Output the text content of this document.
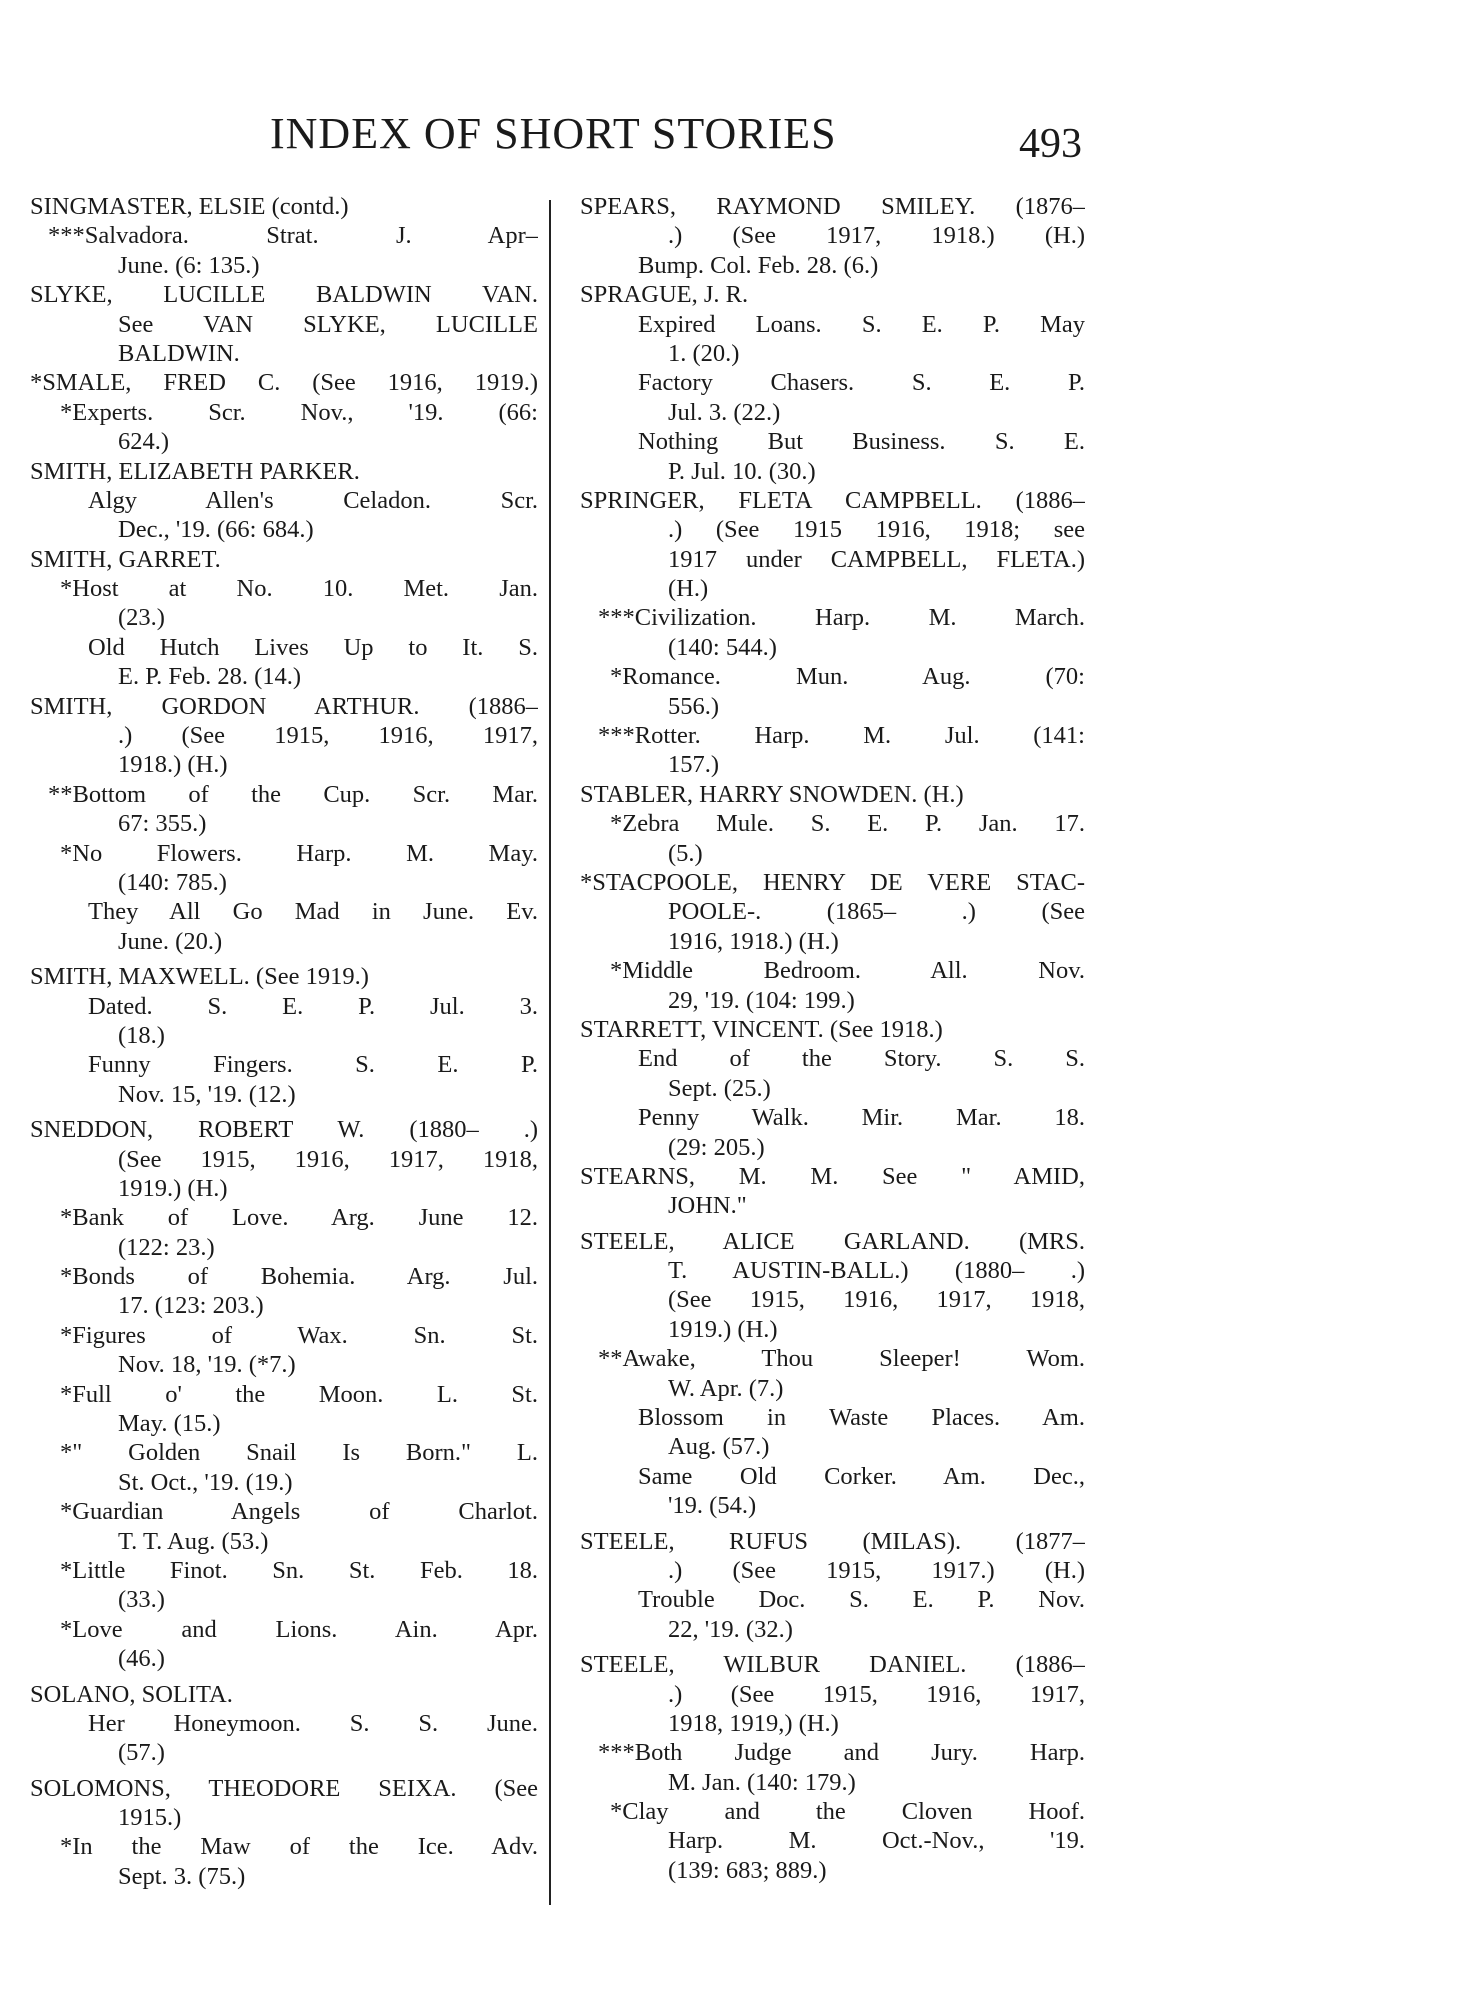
INDEX OF SHORT STORIES	493
SINGMASTER, ELSIE (contd.)
***Salvadora. Strat. J. Apr–
June. (6: 135.)
SLYKE, LUCILLE BALDWIN VAN.
See VAN SLYKE, LUCILLE
BALDWIN.
*SMALE, FRED C. (See 1916, 1919.)
*Experts. Scr. Nov., '19. (66:
624.)
SMITH, ELIZABETH PARKER.
Algy Allen's Celadon. Scr.
Dec., '19. (66: 684.)
SMITH, GARRET.
*Host at No. 10. Met. Jan.
(23.)
Old Hutch Lives Up to It. S.
E. P. Feb. 28. (14.)
SMITH, GORDON ARTHUR. (1886–
.) (See 1915, 1916, 1917,
1918.) (H.)
**Bottom of the Cup. Scr. Mar.
67: 355.)
*No Flowers. Harp. M. May.
(140: 785.)
They All Go Mad in June. Ev.
June. (20.)
SMITH, MAXWELL. (See 1919.)
Dated. S. E. P. Jul. 3.
(18.)
Funny Fingers. S. E. P.
Nov. 15, '19. (12.)
SNEDDON, ROBERT W. (1880– .)
(See 1915, 1916, 1917, 1918,
1919.) (H.)
*Bank of Love. Arg. June 12.
(122: 23.)
*Bonds of Bohemia. Arg. Jul.
17. (123: 203.)
*Figures of Wax. Sn. St.
Nov. 18, '19. (*7.)
*Full o' the Moon. L. St.
May. (15.)
*" Golden Snail Is Born." L.
St. Oct., '19. (19.)
*Guardian Angels of Charlot.
T. T. Aug. (53.)
*Little Finot. Sn. St. Feb. 18.
(33.)
*Love and Lions. Ain. Apr.
(46.)
SOLANO, SOLITA.
Her Honeymoon. S. S. June.
(57.)
SOLOMONS, THEODORE SEIXA. (See
1915.)
*In the Maw of the Ice. Adv.
Sept. 3. (75.)
SPEARS, RAYMOND SMILEY. (1876–
.) (See 1917, 1918.) (H.)
Bump. Col. Feb. 28. (6.)
SPRAGUE, J. R.
Expired Loans. S. E. P. May
1. (20.)
Factory Chasers. S. E. P.
Jul. 3. (22.)
Nothing But Business. S. E.
P. Jul. 10. (30.)
SPRINGER, FLETA CAMPBELL. (1886–
.) (See 1915 1916, 1918; see
1917 under CAMPBELL, FLETA.)
(H.)
***Civilization. Harp. M. March.
(140: 544.)
*Romance. Mun. Aug. (70:
556.)
***Rotter. Harp. M. Jul. (141:
157.)
STABLER, HARRY SNOWDEN. (H.)
*Zebra Mule. S. E. P. Jan. 17.
(5.)
*STACPOOLE, HENRY DE VERE STAC-
POOLE-. (1865– .) (See
1916, 1918.) (H.)
*Middle Bedroom. All. Nov.
29, '19. (104: 199.)
STARRETT, VINCENT. (See 1918.)
End of the Story. S. S.
Sept. (25.)
Penny Walk. Mir. Mar. 18.
(29: 205.)
STEARNS, M. M. See " AMID,
JOHN."
STEELE, ALICE GARLAND. (MRS.
T. AUSTIN-BALL.) (1880– .)
(See 1915, 1916, 1917, 1918,
1919.) (H.)
**Awake, Thou Sleeper! Wom.
W. Apr. (7.)
Blossom in Waste Places. Am.
Aug. (57.)
Same Old Corker. Am. Dec.,
'19. (54.)
STEELE, RUFUS (MILAS). (1877–
.) (See 1915, 1917.) (H.)
Trouble Doc. S. E. P. Nov.
22, '19. (32.)
STEELE, WILBUR DANIEL. (1886–
.) (See 1915, 1916, 1917,
1918, 1919,) (H.)
***Both Judge and Jury. Harp.
M. Jan. (140: 179.)
*Clay and the Cloven Hoof.
Harp. M. Oct.-Nov., '19.
(139: 683; 889.)
